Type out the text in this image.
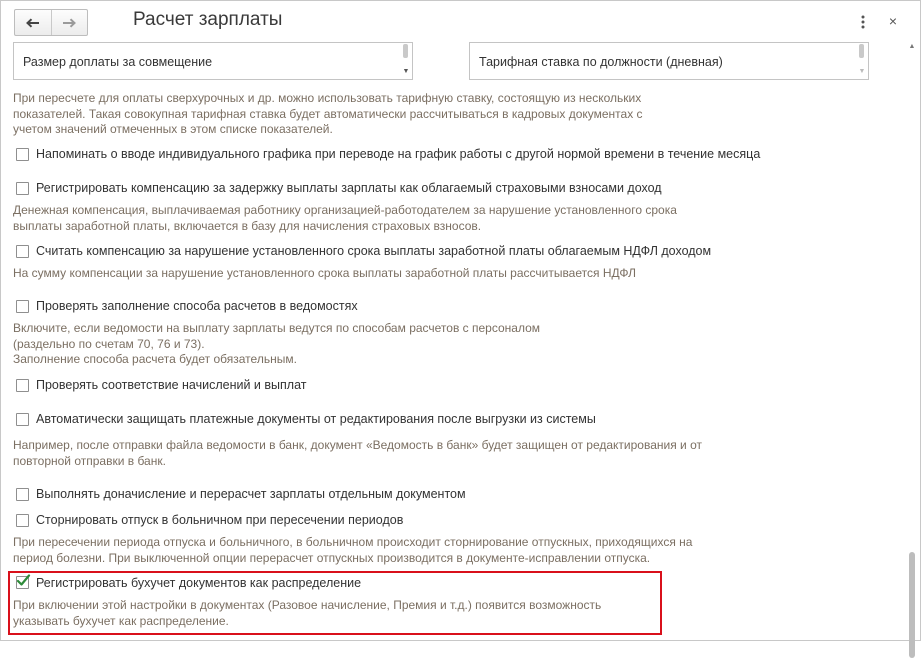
Расчет зарплаты	×
Размер доплаты за совмещение
▼
Тарифная ставка по должности (дневная)
▼
При пересчете для оплаты сверхурочных и др. можно использовать тарифную ставку, состоящую из нескольких
показателей. Такая совокупная тарифная ставка будет автоматически рассчитываться в кадровых документах с
учетом значений отмеченных в этом списке показателей.
Напоминать о вводе индивидуального графика при переводе на график работы с другой нормой времени в течение месяца
Регистрировать компенсацию за задержку выплаты зарплаты как облагаемый страховыми взносами доход
Денежная компенсация, выплачиваемая работнику организацией-работодателем за нарушение установленного срока
выплаты заработной платы, включается в базу для начисления страховых взносов.
Считать компенсацию за нарушение установленного срока выплаты заработной платы облагаемым НДФЛ доходом
На сумму компенсации за нарушение установленного срока выплаты заработной платы рассчитывается НДФЛ
Проверять заполнение способа расчетов в ведомостях
Включите, если ведомости на выплату зарплаты ведутся по способам расчетов с персоналом
(раздельно по счетам 70, 76 и 73).
Заполнение способа расчета будет обязательным.
Проверять соответствие начислений и выплат
Автоматически защищать платежные документы от редактирования после выгрузки из системы
Например, после отправки файла ведомости в банк, документ «Ведомость в банк» будет защищен от редактирования и от
повторной отправки в банк.
Выполнять доначисление и перерасчет зарплаты отдельным документом
Сторнировать отпуск в больничном при пересечении периодов
При пересечении периода отпуска и больничного, в больничном происходит сторнирование отпускных, приходящихся на
период болезни. При выключенной опции перерасчет отпускных производится в документе-исправлении отпуска.
Регистрировать бухучет документов как распределение
При включении этой настройки в документах (Разовое начисление, Премия и т.д.) появится возможность
указывать бухучет как распределение.
▲
